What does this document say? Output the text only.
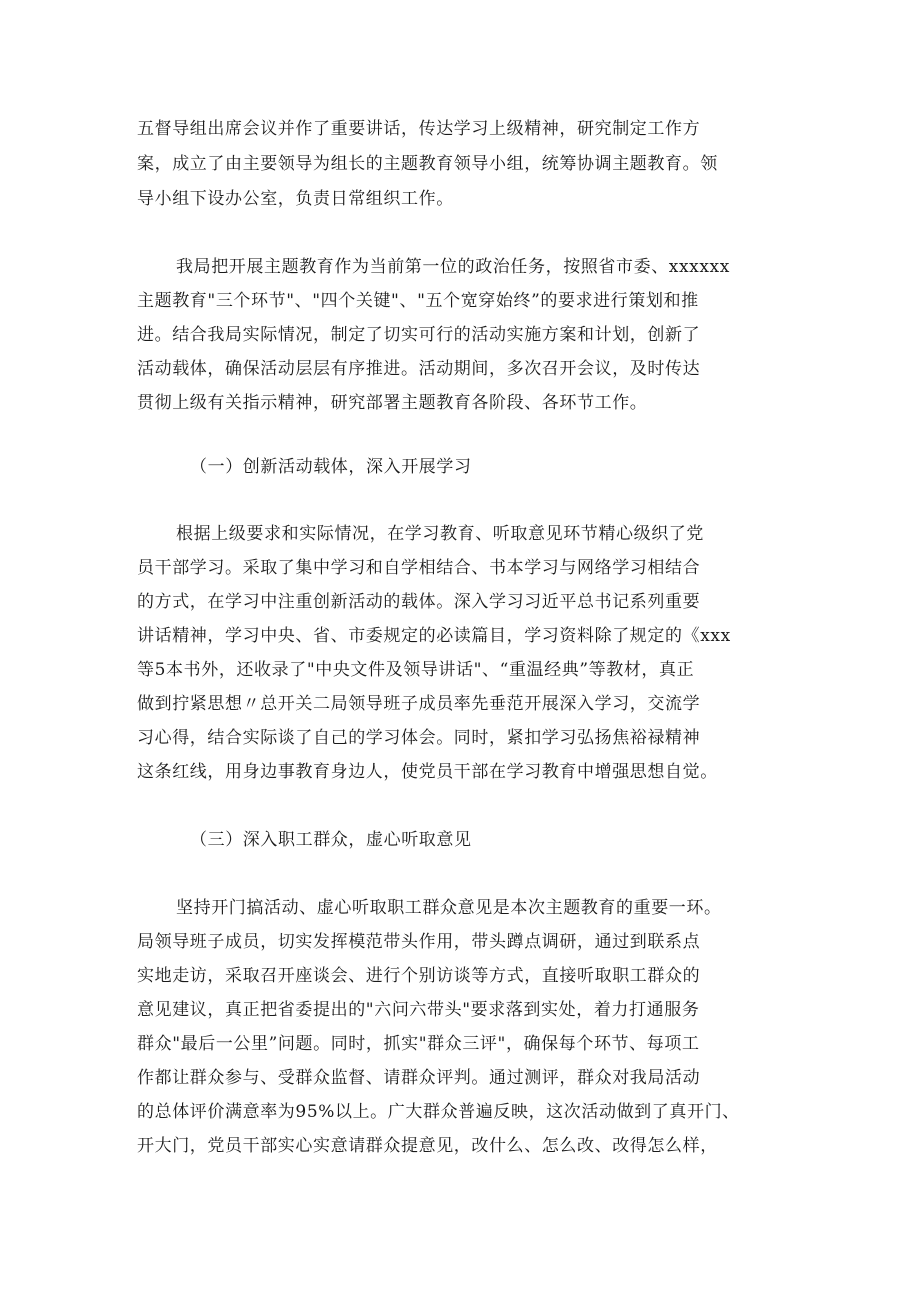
五督导组出席会议并作了重要讲话，传达学习上级精神，研究制定工作方
案，成立了由主要领导为组长的主题教育领导小组，统筹协调主题教育。领
导小组下设办公室，负责日常组织工作。
我局把开展主题教育作为当前第一位的政治任务，按照省市委、xxxxxx
主题教育"三个环节"、"四个关键"、"五个宽穿始终”的要求进行策划和推
进。结合我局实际情况，制定了切实可行的活动实施方案和计划，创新了
活动载体，确保活动层层有序推进。活动期间，多次召开会议，及时传达
贯彻上级有关指示精神，研究部署主题教育各阶段、各环节工作。
（一）创新活动载体，深入开展学习
根据上级要求和实际情况，在学习教育、听取意见环节精心级织了党
员干部学习。采取了集中学习和自学相结合、书本学习与网络学习相结合
的方式，在学习中注重创新活动的载体。深入学习习近平总书记系列重要
讲话精神，学习中央、省、市委规定的必读篇目，学习资料除了规定的《xxx
等5本书外，还收录了"中央文件及领导讲话"、“重温经典”等教材，真正
做到拧紧思想〃总开关二局领导班子成员率先垂范开展深入学习，交流学
习心得，结合实际谈了自己的学习体会。同时，紧扣学习弘扬焦裕禄精神
这条红线，用身边事教育身边人，使党员干部在学习教育中增强思想自觉。
（三）深入职工群众，虚心听取意见
坚持开门搞活动、虚心听取职工群众意见是本次主题教育的重要一环。
局领导班子成员，切实发挥模范带头作用，带头蹲点调研，通过到联系点
实地走访，采取召开座谈会、进行个别访谈等方式，直接听取职工群众的
意见建议，真正把省委提出的"六问六带头"要求落到实处，着力打通服务
群众"最后一公里”问题。同时，抓实"群众三评"，确保每个环节、每项工
作都让群众参与、受群众监督、请群众评判。通过测评，群众对我局活动
的总体评价满意率为95%以上。广大群众普遍反映，这次活动做到了真开门、
开大门，党员干部实心实意请群众提意见，改什么、怎么改、改得怎么样，
